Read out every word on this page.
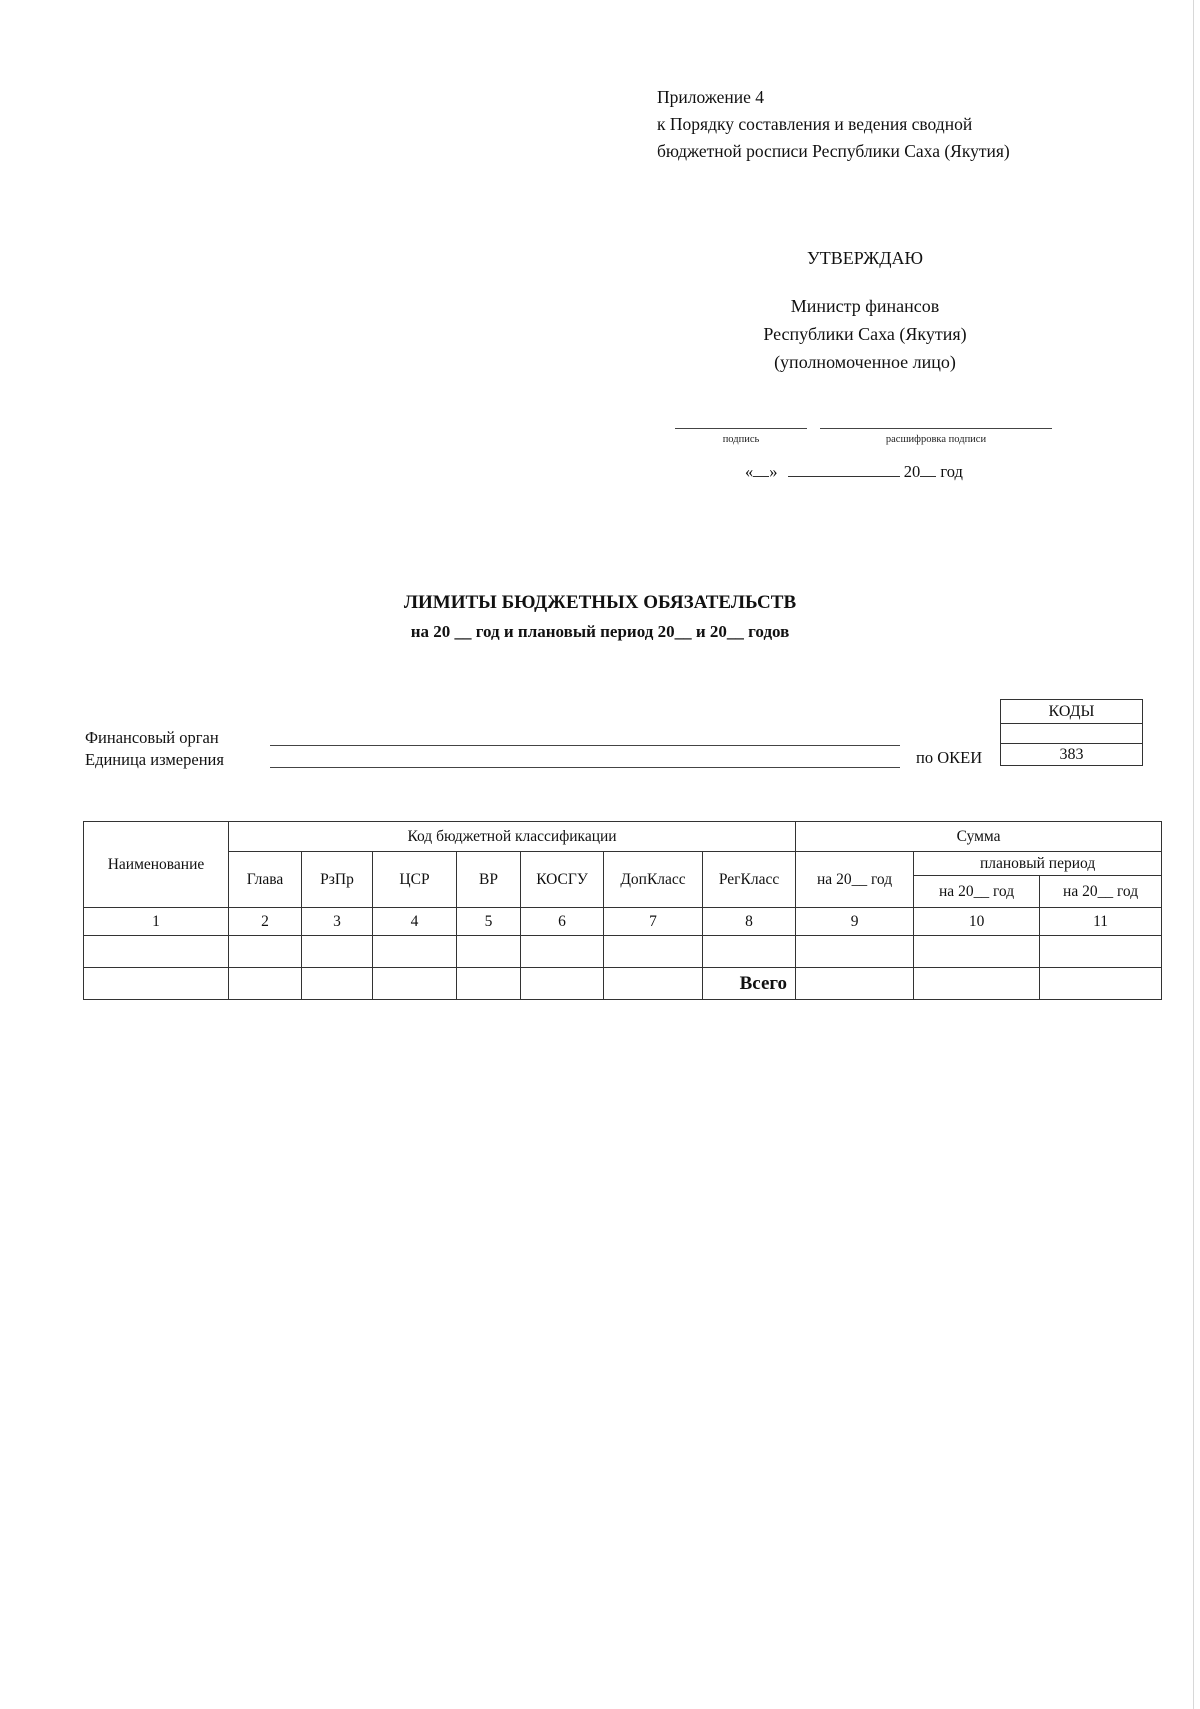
Приложение 4
к Порядку составления и ведения сводной
бюджетной росписи Республики Саха (Якутия)
УТВЕРЖДАЮ
Министр финансов
Республики Саха (Якутия)
(уполномоченное лицо)
подпись	расшифровка подписи
« »	20 год
ЛИМИТЫ БЮДЖЕТНЫХ ОБЯЗАТЕЛЬСТВ
на 20 __ год и плановый период 20__ и 20__ годов
Финансовый орган
Единица измерения	по ОКЕИ
КОДЫ

383
Наименование	Код бюджетной классификации							Сумма		
	Глава	РзПр	ЦСР	ВР	КОСГУ	ДопКласс	РегКласс	на 20__ год	плановый период	
									на 20__ год	на 20__ год
1	2	3	4	5	6	7	8	9	10	11

							Всего			
